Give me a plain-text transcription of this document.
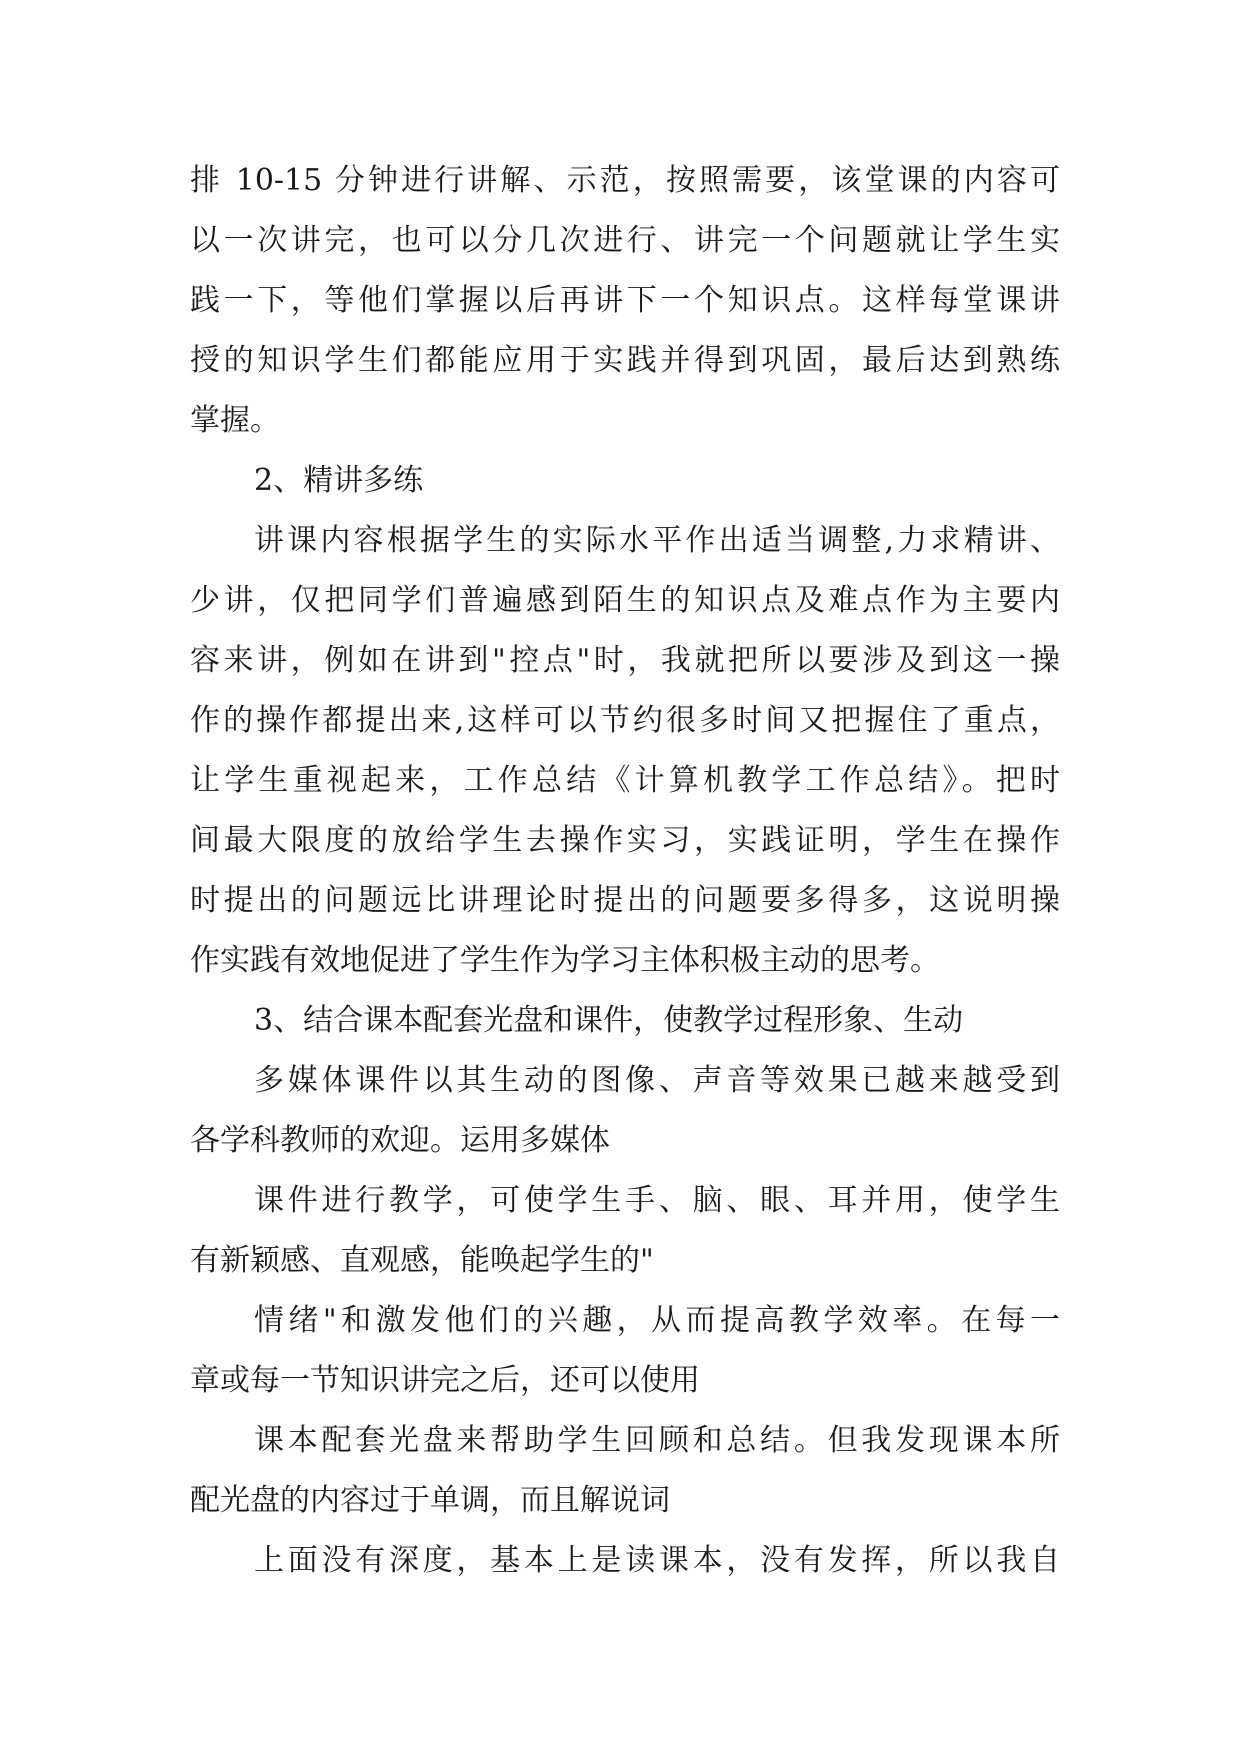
排 10-15 分钟进行讲解、示范，按照需要，该堂课的内容可
以一次讲完，也可以分几次进行、讲完一个问题就让学生实
践一下，等他们掌握以后再讲下一个知识点。这样每堂课讲
授的知识学生们都能应用于实践并得到巩固，最后达到熟练
掌握。
2、精讲多练
讲课内容根据学生的实际水平作出适当调整,力求精讲、
少讲，仅把同学们普遍感到陌生的知识点及难点作为主要内
容来讲，例如在讲到"控点"时，我就把所以要涉及到这一操
作的操作都提出来,这样可以节约很多时间又把握住了重点，
让学生重视起来，工作总结《计算机教学工作总结》。把时
间最大限度的放给学生去操作实习，实践证明，学生在操作
时提出的问题远比讲理论时提出的问题要多得多，这说明操
作实践有效地促进了学生作为学习主体积极主动的思考。
3、结合课本配套光盘和课件，使教学过程形象、生动
多媒体课件以其生动的图像、声音等效果已越来越受到
各学科教师的欢迎。运用多媒体
课件进行教学，可使学生手、脑、眼、耳并用，使学生
有新颖感、直观感，能唤起学生的"
情绪"和激发他们的兴趣，从而提高教学效率。在每一
章或每一节知识讲完之后，还可以使用
课本配套光盘来帮助学生回顾和总结。但我发现课本所
配光盘的内容过于单调，而且解说词
上面没有深度，基本上是读课本，没有发挥，所以我自
